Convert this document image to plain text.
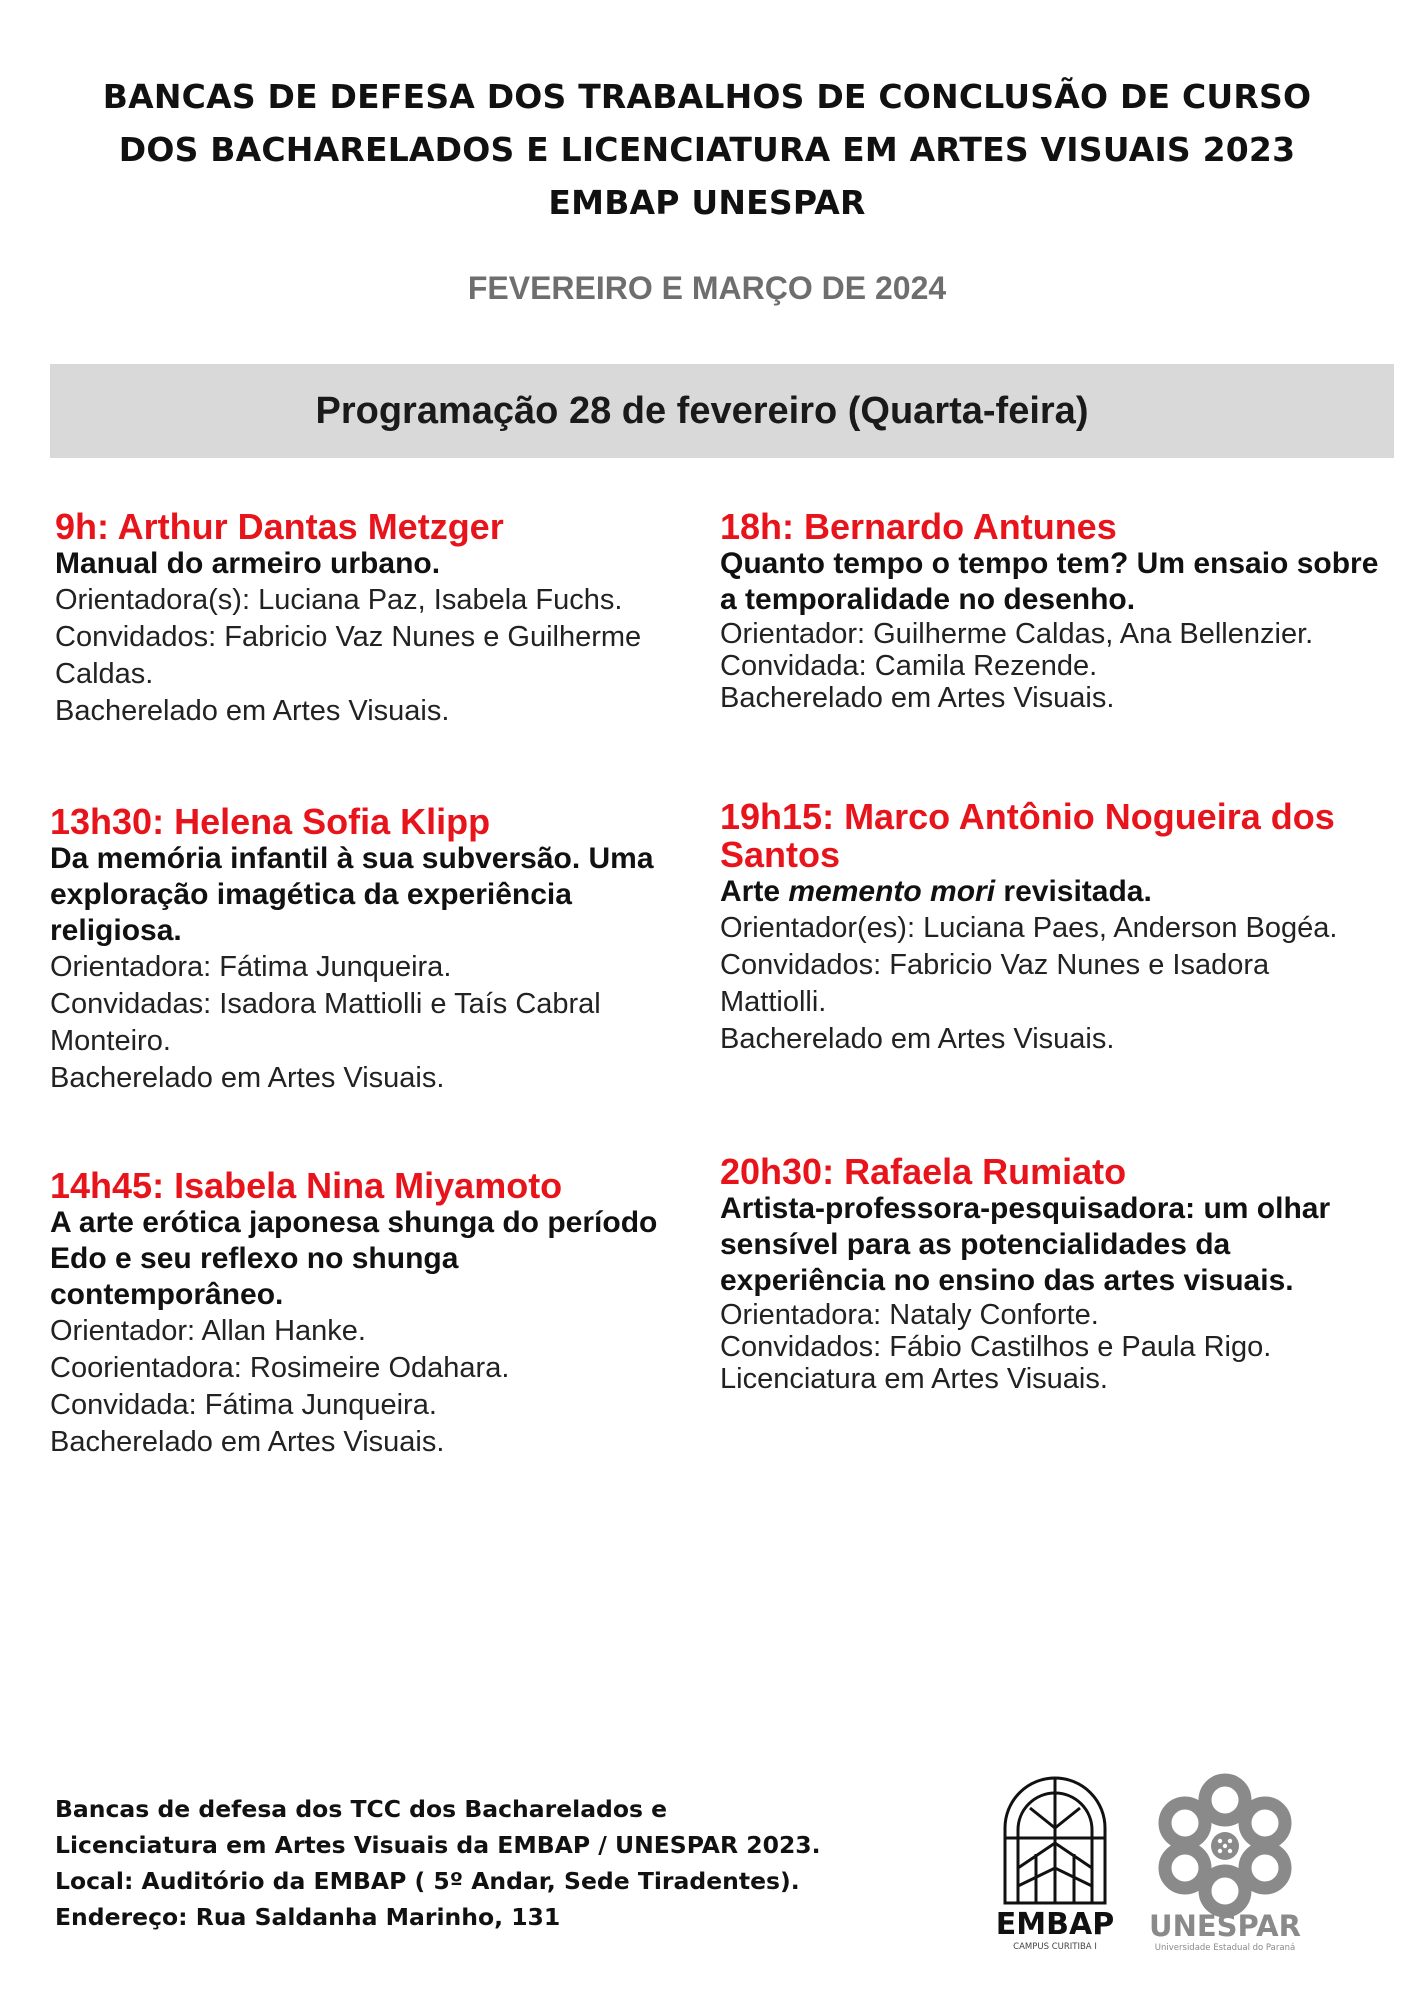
BANCAS DE DEFESA DOS TRABALHOS DE CONCLUSÃO DE CURSO
DOS BACHARELADOS E LICENCIATURA EM ARTES VISUAIS 2023
EMBAP UNESPAR
FEVEREIRO E MARÇO DE 2024
Programação 28 de fevereiro (Quarta-feira)
9h: Arthur Dantas Metzger
Manual do armeiro urbano.
Orientadora(s): Luciana Paz, Isabela Fuchs.
Convidados: Fabricio Vaz Nunes e Guilherme Caldas.
Bacherelado em Artes Visuais.
13h30: Helena Sofia Klipp
Da memória infantil à sua subversão. Uma exploração imagética da experiência religiosa.
Orientadora: Fátima Junqueira.
Convidadas: Isadora Mattiolli e Taís Cabral Monteiro.
Bacherelado em Artes Visuais.
14h45: Isabela Nina Miyamoto
A arte erótica japonesa shunga do período Edo e seu reflexo no shunga contemporâneo.
Orientador: Allan Hanke.
Coorientadora: Rosimeire Odahara.
Convidada: Fátima Junqueira.
Bacherelado em Artes Visuais.
18h: Bernardo Antunes
Quanto tempo o tempo tem? Um ensaio sobre a temporalidade no desenho.
Orientador: Guilherme Caldas, Ana Bellenzier.
Convidada: Camila Rezende.
Bacherelado em Artes Visuais.
19h15: Marco Antônio Nogueira dos Santos
Arte memento mori revisitada.
Orientador(es): Luciana Paes, Anderson Bogéa.
Convidados: Fabricio Vaz Nunes e Isadora Mattiolli.
Bacherelado em Artes Visuais.
20h30: Rafaela Rumiato
Artista-professora-pesquisadora: um olhar sensível para as potencialidades da experiência no ensino das artes visuais.
Orientadora: Nataly Conforte.
Convidados: Fábio Castilhos e Paula Rigo.
Licenciatura em Artes Visuais.
Bancas de defesa dos TCC dos Bacharelados e
Licenciatura em Artes Visuais da EMBAP / UNESPAR 2023.
Local: Auditório da EMBAP ( 5º Andar, Sede Tiradentes).
Endereço: Rua Saldanha Marinho, 131	EMBAP
CAMPUS CURITIBA I
UNESPAR
Universidade Estadual do Paraná
